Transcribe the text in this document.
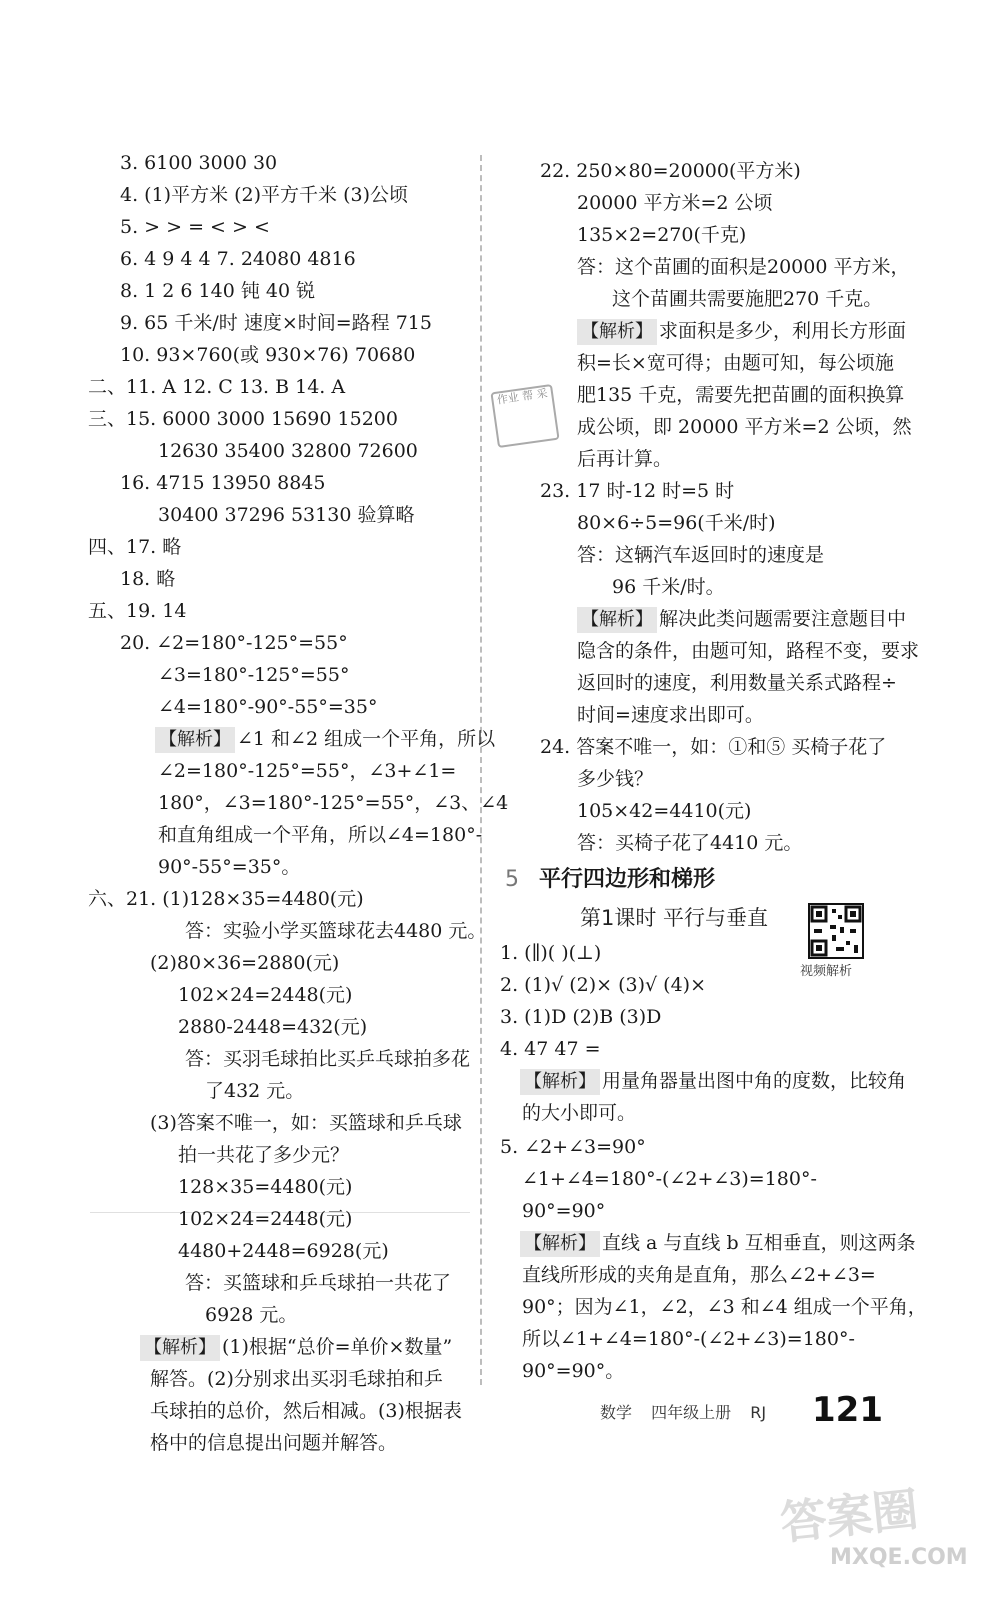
3. 6100 3000 30
4. (1)平方米 (2)平方千米 (3)公顷
5. > > = < > <
6. 4 9 4 4 7. 24080 4816
8. 1 2 6 140 钝 40 锐
9. 65 千米/时 速度×时间=路程 715
10. 93×760(或 930×76) 70680
二、11. A 12. C 13. B 14. A
三、15. 6000 3000 15690 15200
12630 35400 32800 72600
16. 4715 13950 8845
30400 37296 53130 验算略
四、17. 略
18. 略
五、19. 14
20. ∠2=180°-125°=55°
∠3=180°-125°=55°
∠4=180°-90°-55°=35°
【解析】 ∠1 和∠2 组成一个平角，所以
∠2=180°-125°=55°，∠3+∠1=
180°，∠3=180°-125°=55°，∠3、∠4
和直角组成一个平角，所以∠4=180°-
90°-55°=35°。
六、21. (1)128×35=4480(元)
答：实验小学买篮球花去4480 元。
(2)80×36=2880(元)
102×24=2448(元)
2880-2448=432(元)
答：买羽毛球拍比买乒乓球拍多花
了432 元。
(3)答案不唯一，如：买篮球和乒乓球
拍一共花了多少元？
128×35=4480(元)
102×24=2448(元)
4480+2448=6928(元)
答：买篮球和乒乓球拍一共花了
6928 元。
【解析】 (1)根据“总价=单价×数量”
解答。(2)分别求出买羽毛球拍和乒
乓球拍的总价，然后相减。(3)根据表
格中的信息提出问题并解答。
22. 250×80=20000(平方米)
20000 平方米=2 公顷
135×2=270(千克)
答：这个苗圃的面积是20000 平方米，
这个苗圃共需要施肥270 千克。
【解析】 求面积是多少，利用长方形面
积=长×宽可得；由题可知，每公顷施
肥135 千克，需要先把苗圃的面积换算
成公顷，即 20000 平方米=2 公顷，然
后再计算。
23. 17 时-12 时=5 时
80×6÷5=96(千米/时)
答：这辆汽车返回时的速度是
96 千米/时。
【解析】 解决此类问题需要注意题目中
隐含的条件，由题可知，路程不变，要求
返回时的速度，利用数量关系式路程÷
时间=速度求出即可。
24. 答案不唯一，如：①和⑤ 买椅子花了
多少钱？
105×42=4410(元)
答：买椅子花了4410 元。
作业 帮 采
5 平行四边形和梯形
第1课时 平行与垂直
视频解析
1. (∥)( )(⊥)
2. (1)√ (2)× (3)√ (4)×
3. (1)D (2)B (3)D
4. 47 47 =
【解析】 用量角器量出图中角的度数，比较角
的大小即可。
5. ∠2+∠3=90°
∠1+∠4=180°-(∠2+∠3)=180°-
90°=90°
【解析】 直线 a 与直线 b 互相垂直，则这两条
直线所形成的夹角是直角，那么∠2+∠3=
90°；因为∠1，∠2，∠3 和∠4 组成一个平角，
所以∠1+∠4=180°-(∠2+∠3)=180°-
90°=90°。
数学 四年级上册 RJ	121
答案圈
MXQE.COM
